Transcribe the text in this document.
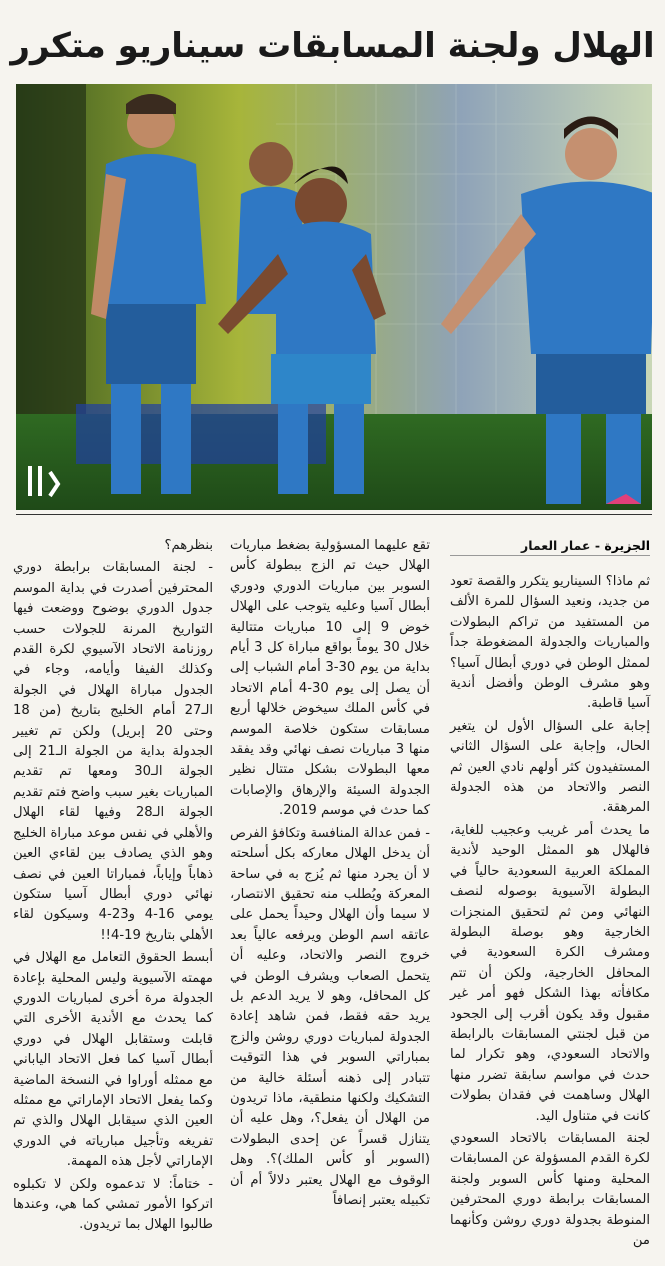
الهلال ولجنة المسابقات سيناريو متكرر
الجزيرة - عمار العمار

ثم ماذا؟ السيناريو يتكرر والقصة تعود من جديد، ونعيد السؤال للمرة الألف من المستفيد من تراكم البطولات والمباريات والجدولة المضغوطة جداً لممثل الوطن في دوري أبطال آسيا؟ وهو مشرف الوطن وأفضل أندية آسيا قاطبة.

إجابة على السؤال الأول لن يتغير الحال، وإجابة على السؤال الثاني المستفيدون كثر أولهم نادي العين ثم النصر والاتحاد من هذه الجدولة المرهقة.

ما يحدث أمر غريب وعجيب للغاية، فالهلال هو الممثل الوحيد لأندية المملكة العربية السعودية حالياً في البطولة الآسيوية بوصوله لنصف النهائي ومن ثم لتحقيق المنجزات الخارجية وهو بوصلة البطولة ومشرف الكرة السعودية في المحافل الخارجية، ولكن أن تتم مكافأته بهذا الشكل فهو أمر غير مقبول وقد يكون أقرب إلى الجحود من قبل لجنتي المسابقات بالرابطة والاتحاد السعودي، وهو تكرار لما حدث في مواسم سابقة تضرر منها الهلال وساهمت في فقدان بطولات كانت في متناول اليد.

لجنة المسابقات بالاتحاد السعودي لكرة القدم المسؤولة عن المسابقات المحلية ومنها كأس السوبر ولجنة المسابقات برابطة دوري المحترفين المنوطة بجدولة دوري روشن وكأنهما من

تقع عليهما المسؤولية بضغط مباريات الهلال حيث تم الزج ببطولة كأس السوبر بين مباريات الدوري ودوري أبطال آسيا وعليه يتوجب على الهلال خوض 9 إلى 10 مباريات متتالية خلال 30 يوماً بواقع مباراة كل 3 أيام بداية من يوم 30-3 أمام الشباب إلى أن يصل إلى يوم 30-4 أمام الاتحاد في كأس الملك سيخوض خلالها أربع مسابقات ستكون خلاصة الموسم منها 3 مباريات نصف نهائي وقد يفقد معها البطولات بشكل متتال نظير الجدولة السيئة والإرهاق والإصابات كما حدث في موسم 2019.

- فمن عدالة المنافسة وتكافؤ الفرص أن يدخل الهلال معاركه بكل أسلحته لا أن يجرد منها ثم يُزج به في ساحة المعركة ويُطلب منه تحقيق الانتصار، لا سيما وأن الهلال وحيداً يحمل على عاتقه اسم الوطن ويرفعه عالياً بعد خروج النصر والاتحاد، وعليه أن يتحمل الصعاب ويشرف الوطن في كل المحافل، وهو لا يريد الدعم بل يريد حقه فقط، فمن شاهد إعادة الجدولة لمباريات دوري روشن والزج بمباراتي السوبر في هذا التوقيت تتبادر إلى ذهنه أسئلة خالية من التشكيك ولكنها منطقية، ماذا تريدون من الهلال أن يفعل؟، وهل عليه أن يتنازل قسراً عن إحدى البطولات (السوبر أو كأس الملك)؟. وهل الوقوف مع الهلال يعتبر دلالاً أم أن تكبيله يعتبر إنصافاً

بنظرهم؟

- لجنة المسابقات برابطة دوري المحترفين أصدرت في بداية الموسم جدول الدوري بوضوح ووضعت فيها التواريخ المرنة للجولات حسب روزنامة الاتحاد الآسيوي لكرة القدم وكذلك الفيفا وأيامه، وجاء في الجدول مباراة الهلال في الجولة الـ27 أمام الخليج بتاريخ (من 18 وحتى 20 إبريل) ولكن تم تغيير الجدولة بداية من الجولة الـ21 إلى الجولة الـ30 ومعها تم تقديم المباريات بغير سبب واضح فتم تقديم الجولة الـ28 وفيها لقاء الهلال والأهلي في نفس موعد مباراة الخليج وهو الذي يصادف بين لقاءي العين ذهاباً وإياباً، فمباراتا العين في نصف نهائي دوري أبطال آسيا ستكون يومي 16-4 و23-4 وسيكون لقاء الأهلي بتاريخ 19-4!!

أبسط الحقوق التعامل مع الهلال في مهمته الآسيوية وليس المحلية بإعادة الجدولة مرة أخرى لمباريات الدوري كما يحدث مع الأندية الأخرى التي قابلت وستقابل الهلال في دوري أبطال آسيا كما فعل الاتحاد الياباني مع ممثله أوراوا في النسخة الماضية وكما يفعل الاتحاد الإماراتي مع ممثله العين الذي سيقابل الهلال والذي تم تفريغه وتأجيل مبارياته في الدوري الإماراتي لأجل هذه المهمة.

- ختاماً: لا تدعموه ولكن لا تكبلوه اتركوا الأمور تمشي كما هي، وعندها طالبوا الهلال بما تريدون.
